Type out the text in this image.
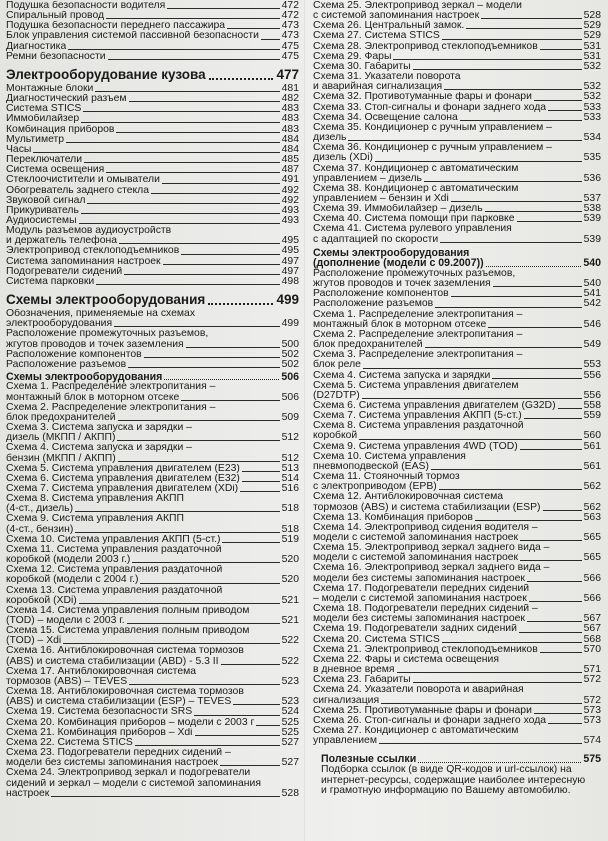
Подушка безопасности водителя	472
Спиральный провод	472
Подушка безопасности переднего пассажира	473
Блок управления системой пассивной безопасности 473
Диагностика	475
Ремни безопасности	475
Электрооборудование кузова	477
Монтажные блоки	481
Диагностический разъем	482
Система STICS	483
Иммобилайзер	483
Комбинация приборов	483
Мультиметр	484
Часы	484
Переключатели	485
Система освещения	487
Стеклоочистители и омыватели	491
Обогреватель заднего стекла	492
Звуковой сигнал	492
Прикуриватель	493
Аудиосистемы	493
Модуль разъемов аудиоустройств
и держатель телефона	495
Электропривод стеклоподъемников	495
Система запоминания настроек	497
Подогреватели сидений	497
Система парковки	498
Схемы электрооборудования	499
Обозначения, применяемые на схемах
электрооборудования	499
Расположение промежуточных разъемов,
жгутов проводов и точек заземления	500
Расположение компонентов	502
Расположение разъемов	502
Схемы электрооборудования	506
Схема 1. Распределение электропитания –
монтажный блок в моторном отсеке	506
Схема 2. Распределение электропитания –
блок предохранителей	509
Схема 3. Система запуска и зарядки –
дизель (МКПП / АКПП)	512
Схема 4. Система запуска и зарядки –
бензин (МКПП / АКПП)	512
Схема 5. Система управления двигателем (E23)	513
Схема 6. Система управления двигателем (E32)	514
Схема 7. Система управления двигателем (XDi)	516
Схема 8. Система управления АКПП
(4-ст., дизель)	518
Схема 9. Система управления АКПП
(4-ст., бензин)	518
Схема 10. Система управления АКПП (5-ст.)	519
Схема 11. Система управления раздаточной
коробкой (модели 2003 г.)	520
Схема 12. Система управления раздаточной
коробкой (модели с 2004 г.)	520
Схема 13. Система управления раздаточной
коробкой (XDi)	521
Схема 14. Система управления полным приводом
(TOD) – модели с 2003 г.	521
Схема 15. Система управления полным приводом
(TOD) – Xdi	522
Схема 16. Антиблокировочная система тормозов
(ABS) и система стабилизации (ABD) - 5.3 II	522
Схема 17. Антиблокировочная система
тормозов (ABS) – TEVES	523
Схема 18. Антиблокировочная система тормозов
(ABS) и система стабилизации (ESP) – TEVES	523
Схема 19. Система безопасности SRS	524
Схема 20. Комбинация приборов – модели с 2003 г	525
Схема 21. Комбинация приборов – Xdi	525
Схема 22. Система STICS	527
Схема 23. Подогреватели передних сидений –
модели без системы запоминания настроек	527
Схема 24. Электропривод зеркал и подогреватели
сидений и зеркал – модели с системой запоминания
настроек	528
Схема 25. Электропривод зеркал – модели
с системой запоминания настроек	528
Схема 26. Центральный замок.	529
Схема 27. Система STICS	529
Схема 28. Электропривод стеклоподъемников	531
Схема 29. Фары	531
Схема 30. Габариты	532
Схема 31. Указатели поворота
и аварийная сигнализация	532
Схема 32. Противотуманные фары и фонари	532
Схема 33. Стоп-сигналы и фонари заднего хода	533
Схема 34. Освещение салона	533
Схема 35. Кондиционер с ручным управлением –
дизель	534
Схема 36. Кондиционер с ручным управлением –
дизель (XDi)	535
Схема 37. Кондиционер с автоматическим
управлением – дизель	536
Схема 38. Кондиционер с автоматическим
управлением – бензин и Xdi	537
Схема 39. Иммобилайзер – дизель	538
Схема 40. Система помощи при парковке	539
Схема 41. Система рулевого управления
с адаптацией по скорости	539
Схемы электрооборудования
(дополнение (модели с 09.2007))	540
Расположение промежуточных разъемов,
жгутов проводов и точек заземления	540
Расположение компонентов	541
Расположение разъемов	542
Схема 1. Распределение электропитания –
монтажный блок в моторном отсеке	546
Схема 2. Распределение электропитания –
блок предохранителей	549
Схема 3. Распределение электропитания –
блок реле	553
Схема 4. Система запуска и зарядки	556
Схема 5. Система управления двигателем
(D27DTP)	556
Схема 6. Система управления двигателем (G32D)	558
Схема 7. Система управления АКПП (5-ст.)	559
Схема 8. Система управления раздаточной
коробкой	560
Схема 9. Система управления 4WD (TOD)	561
Схема 10. Система управления
пневмоподвеской (EAS)	561
Схема 11. Стояночный тормоз
с электроприводом (EPB)	562
Схема 12. Антиблокировочная система
тормозов (ABS) и система стабилизации (ESP)	562
Схема 13. Комбинация приборов	563
Схема 14. Электропривод сидения водителя –
модели с системой запоминания настроек	565
Схема 15. Электропривод зеркал заднего вида –
модели с системой запоминания настроек	565
Схема 16. Электропривод зеркал заднего вида –
модели без системы запоминания настроек	566
Схема 17. Подогреватели передних сидений
– модели с системой запоминания настроек	566
Схема 18. Подогреватели передних сидений –
модели без системы запоминания настроек	567
Схема 19. Подогреватели задних сидений	567
Схема 20. Система STICS	568
Схема 21. Электропривод стеклоподъемников	570
Схема 22. Фары и система освещения
в дневное время	571
Схема 23. Габариты	572
Схема 24. Указатели поворота и аварийная
сигнализация	572
Схема 25. Противотуманные фары и фонари	573
Схема 26. Стоп-сигналы и фонари заднего хода	573
Схема 27. Кондиционер с автоматическим
управлением	574
Полезные ссылки	575
Подборка ссылок (в виде QR-кодов и url-ссылок) на
интернет-ресурсы, содержащие наиболее интересную
и грамотную информацию по Вашему автомобилю.
